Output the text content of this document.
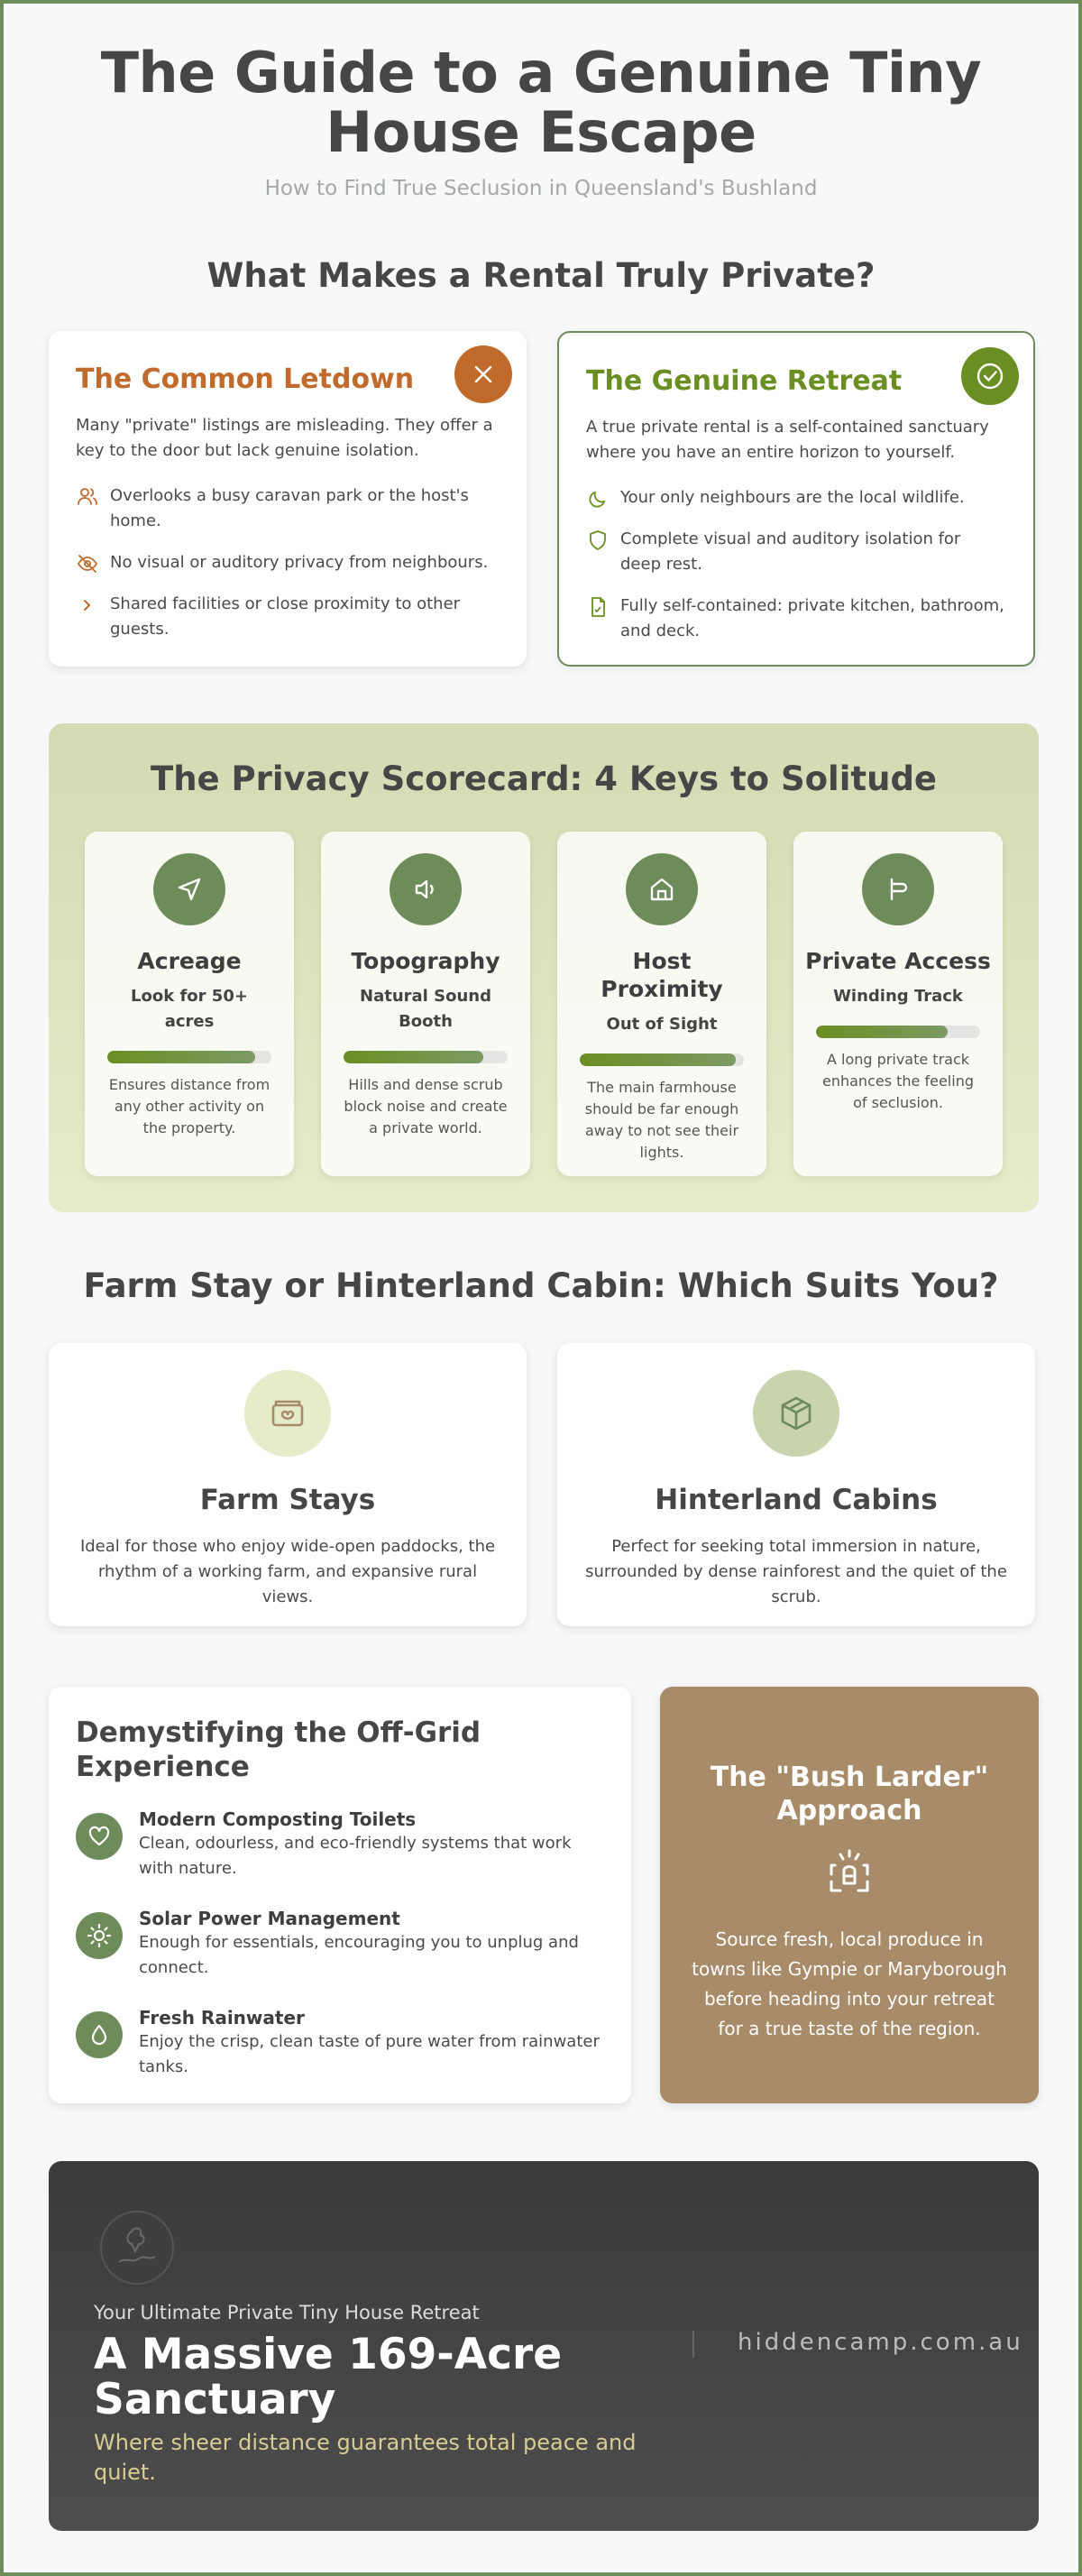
The Guide to a Genuine Tiny House Escape
How to Find True Seclusion in Queensland's Bushland
What Makes a Rental Truly Private?
The Common Letdown

Many "private" listings are misleading. They offer a key to the door but lack genuine isolation.

Overlooks a busy caravan park or the host's home.
No visual or auditory privacy from neighbours.
Shared facilities or close proximity to other guests.
The Genuine Retreat

A true private rental is a self-contained sanctuary where you have an entire horizon to yourself.

Your only neighbours are the local wildlife.
Complete visual and auditory isolation for deep rest.
Fully self-contained: private kitchen, bathroom, and deck.
The Privacy Scorecard: 4 Keys to Solitude
Acreage
Look for 50+ acres
Ensures distance from any other activity on the property.
Topography
Natural Sound Booth
Hills and dense scrub block noise and create a private world.
Host Proximity
Out of Sight
The main farmhouse should be far enough away to not see their lights.
Private Access
Winding Track
A long private track enhances the feeling of seclusion.
Farm Stay or Hinterland Cabin: Which Suits You?
Farm Stays

Ideal for those who enjoy wide-open paddocks, the rhythm of a working farm, and expansive rural views.

Hinterland Cabins

Perfect for seeking total immersion in nature, surrounded by dense rainforest and the quiet of the scrub.

Demystifying the Off-Grid Experience
Modern Composting Toilets
Clean, odourless, and eco-friendly systems that work with nature.
Solar Power Management
Enough for essentials, encouraging you to unplug and connect.
Fresh Rainwater
Enjoy the crisp, clean taste of pure water from rainwater tanks.
The "Bush Larder" Approach

Source fresh, local produce in towns like Gympie or Maryborough before heading into your retreat for a true taste of the region.

Your Ultimate Private Tiny House Retreat
A Massive 169-Acre Sanctuary
Where sheer distance guarantees total peace and quiet.
hiddencamp.com.au
